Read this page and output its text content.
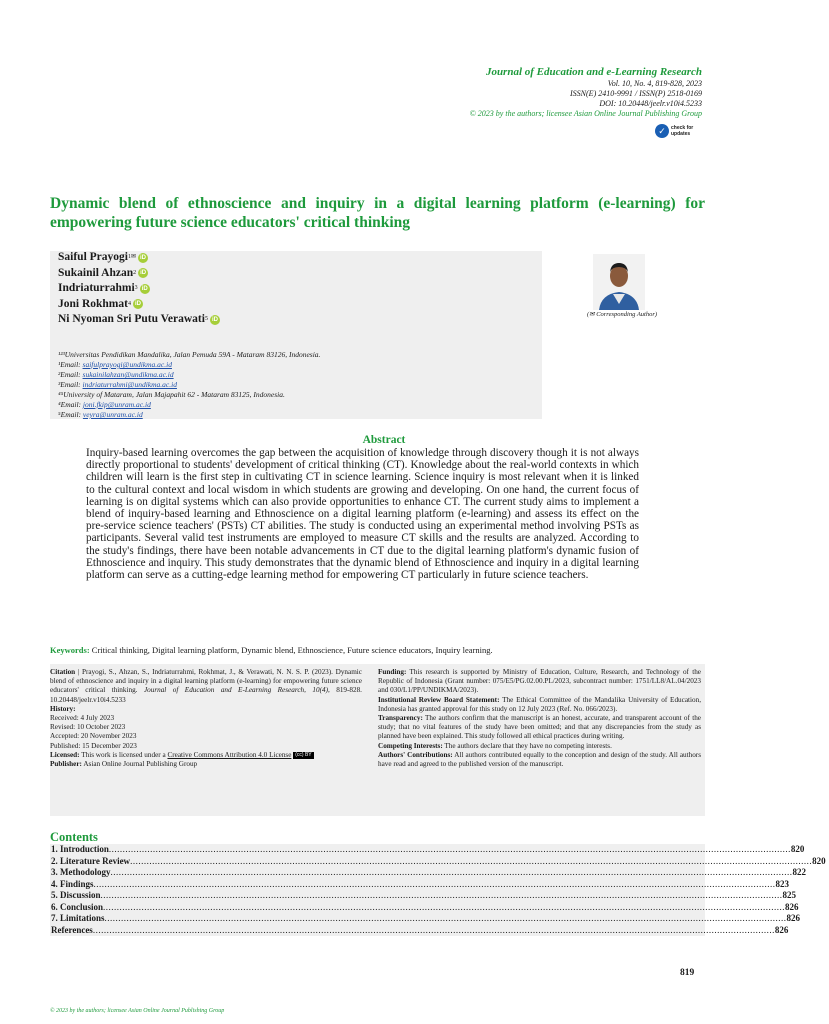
Journal of Education and e-Learning Research
Vol. 10, No. 4, 819-828, 2023
ISSN(E) 2410-9991 / ISSN(P) 2518-0169
DOI: 10.20448/jeelr.v10i4.5233
© 2023 by the authors; licensee Asian Online Journal Publishing Group
✓	check for
updates
Dynamic blend of ethnoscience and inquiry in a digital learning platform (e-learning) for empowering future science educators' critical thinking
Saiful Prayogi 1 ✉ iD
Sukainil Ahzan 2 iD
Indriaturrahmi 3 iD
Joni Rokhmat 4 iD
Ni Nyoman Sri Putu Verawati 5 iD
(✉ Corresponding Author)
¹²³Universitas Pendidikan Mandalika, Jalan Pemuda 59A - Mataram 83126, Indonesia.
¹Email: saifulprayogi@undikma.ac.id
²Email: sukainilahzan@undikma.ac.id
³Email: indriaturrahmi@undikma.ac.id
⁴⁵University of Mataram, Jalan Majapahit 62 - Mataram 83125, Indonesia.
⁴Email: joni.fkip@unram.ac.id
⁵Email: veyra@unram.ac.id
Abstract
Inquiry-based learning overcomes the gap between the acquisition of knowledge through discovery though it is not always directly proportional to students' development of critical thinking (CT). Knowledge about the real-world contexts in which children will learn is the first step in cultivating CT in science learning. Science inquiry is most relevant when it is linked to the cultural context and local wisdom in which students are growing and developing. On one hand, the current focus of learning is on digital systems which can also provide opportunities to enhance CT. The current study aims to implement a blend of inquiry-based learning and Ethnoscience on a digital learning platform (e-learning) and assess its effect on the pre-service science teachers' (PSTs) CT abilities. The study is conducted using an experimental method involving PSTs as participants. Several valid test instruments are employed to measure CT skills and the results are analyzed. According to the study's findings, there have been notable advancements in CT due to the digital learning platform's dynamic fusion of Ethnoscience and inquiry. This study demonstrates that the dynamic blend of Ethnoscience and inquiry in a digital learning platform can serve as a cutting-edge learning method for empowering CT particularly in future science teachers.
Keywords: Critical thinking, Digital learning platform, Dynamic blend, Ethnoscience, Future science educators, Inquiry learning.
Citation | Prayogi, S., Ahzan, S., Indriaturrahmi, Rokhmat, J., & Verawati, N. N. S. P. (2023). Dynamic blend of ethnoscience and inquiry in a digital learning platform (e-learning) for empowering future science educators' critical thinking. Journal of Education and E-Learning Research, 10(4), 819-828. 10.20448/jeelr.v10i4.5233
History:
Received: 4 July 2023
Revised: 10 October 2023
Accepted: 20 November 2023
Published: 15 December 2023
Licensed: This work is licensed under a Creative Commons Attribution 4.0 License (cc) BY
Publisher: Asian Online Journal Publishing Group
Funding: This research is supported by Ministry of Education, Culture, Research, and Technology of the Republic of Indonesia (Grant number: 075/E5/PG.02.00.PL/2023, subcontract number: 1751/LL8/AL.04/2023 and 030/L1/PP/UNDIKMA/2023).
Institutional Review Board Statement: The Ethical Committee of the Mandalika University of Education, Indonesia has granted approval for this study on 12 July 2023 (Ref. No. 066/2023).
Transparency: The authors confirm that the manuscript is an honest, accurate, and transparent account of the study; that no vital features of the study have been omitted; and that any discrepancies from the study as planned have been explained. This study followed all ethical practices during writing.
Competing Interests: The authors declare that they have no competing interests.
Authors' Contributions: All authors contributed equally to the conception and design of the study. All authors have read and agreed to the published version of the manuscript.
Contents
1. Introduction ........................................................................................................................................................................................................................................................ 820
2. Literature Review ........................................................................................................................................................................................................................................................ 820
3. Methodology ........................................................................................................................................................................................................................................................ 822
4. Findings ........................................................................................................................................................................................................................................................ 823
5. Discussion ........................................................................................................................................................................................................................................................ 825
6. Conclusion ........................................................................................................................................................................................................................................................ 826
7. Limitations ........................................................................................................................................................................................................................................................ 826
References ........................................................................................................................................................................................................................................................ 826
819
© 2023 by the authors; licensee Asian Online Journal Publishing Group
